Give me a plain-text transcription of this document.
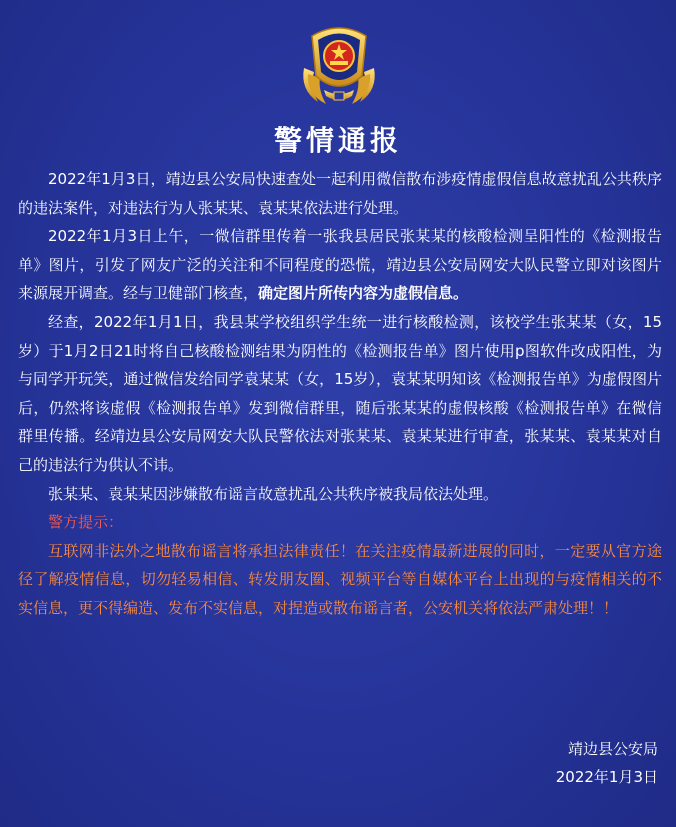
警情通报

2022年1月3日，靖边县公安局快速查处一起利用微信散布涉疫情虚假信息故意扰乱公共秩序的违法案件，对违法行为人张某某、袁某某依法进行处理。

2022年1月3日上午，一微信群里传着一张我县居民张某某的核酸检测呈阳性的《检测报告单》图片，引发了网友广泛的关注和不同程度的恐慌，靖边县公安局网安大队民警立即对该图片来源展开调查。经与卫健部门核查，确定图片所传内容为虚假信息。

经查，2022年1月1日，我县某学校组织学生统一进行核酸检测，该校学生张某某（女，15岁）于1月2日21时将自己核酸检测结果为阴性的《检测报告单》图片使用p图软件改成阳性，为与同学开玩笑，通过微信发给同学袁某某（女，15岁），袁某某明知该《检测报告单》为虚假图片后，仍然将该虚假《检测报告单》发到微信群里，随后张某某的虚假核酸《检测报告单》在微信群里传播。经靖边县公安局网安大队民警依法对张某某、袁某某进行审查，张某某、袁某某对自己的违法行为供认不讳。

张某某、袁某某因涉嫌散布谣言故意扰乱公共秩序被我局依法处理。

警方提示：

互联网非法外之地散布谣言将承担法律责任！在关注疫情最新进展的同时，一定要从官方途径了解疫情信息，切勿轻易相信、转发朋友圈、视频平台等自媒体平台上出现的与疫情相关的不实信息，更不得编造、发布不实信息，对捏造或散布谣言者，公安机关将依法严肃处理！！

靖边县公安局
2022年1月3日
